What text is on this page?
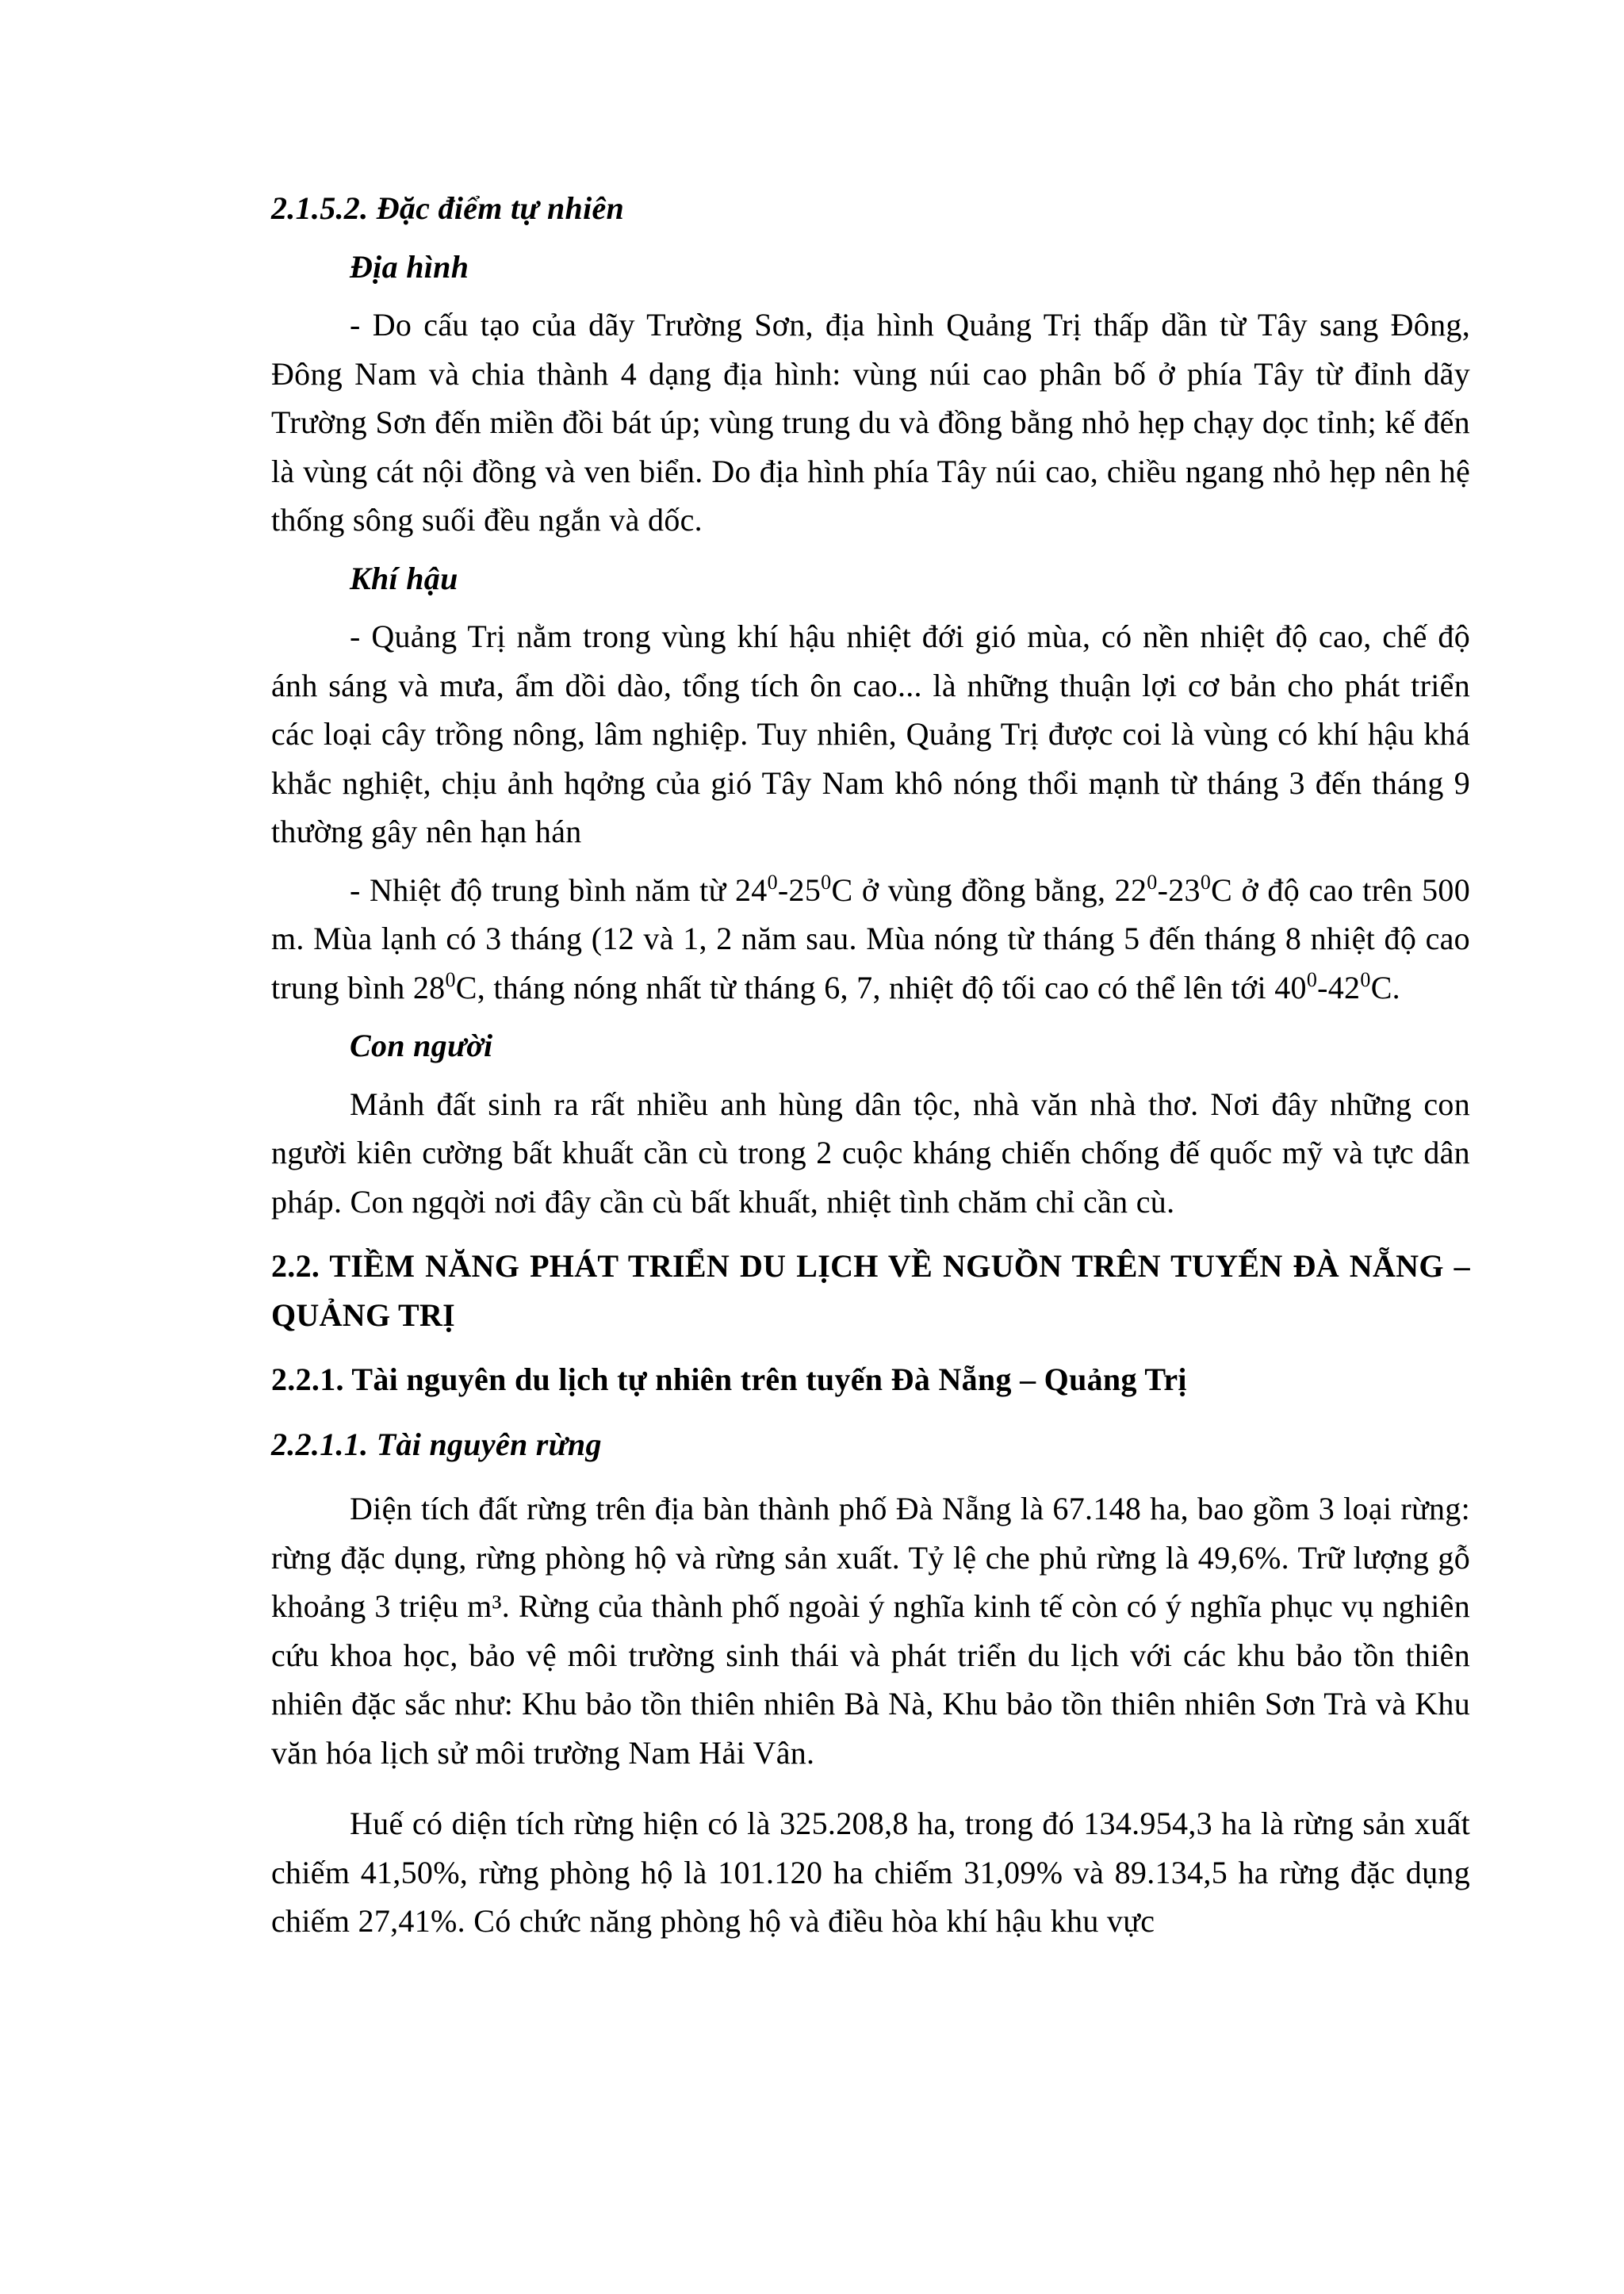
2.1.5.2. Đặc điểm tự nhiên

Địa hình

- Do cấu tạo của dãy Trường Sơn, địa hình Quảng Trị thấp dần từ Tây sang Đông, Đông Nam và chia thành 4 dạng địa hình: vùng núi cao phân bố ở phía Tây từ đỉnh dãy Trường Sơn đến miền đồi bát úp; vùng trung du và đồng bằng nhỏ hẹp chạy dọc tỉnh; kế đến là vùng cát nội đồng và ven biển. Do địa hình phía Tây núi cao, chiều ngang nhỏ hẹp nên hệ thống sông suối đều ngắn và dốc.

Khí hậu

- Quảng Trị nằm trong vùng khí hậu nhiệt đới gió mùa, có nền nhiệt độ cao, chế độ ánh sáng và mưa, ẩm dồi dào, tổng tích ôn cao... là những thuận lợi cơ bản cho phát triển các loại cây trồng nông, lâm nghiệp. Tuy nhiên, Quảng Trị được coi là vùng có khí hậu khá khắc nghiệt, chịu ảnh hqởng của gió Tây Nam khô nóng thổi mạnh từ tháng 3 đến tháng 9 thường gây nên hạn hán

- Nhiệt độ trung bình năm từ $24^0-25^0C$ ở vùng đồng bằng, $22^0-23^0C$ ở độ cao trên 500 m. Mùa lạnh có 3 tháng (12 và 1, 2 năm sau. Mùa nóng từ tháng 5 đến tháng 8 nhiệt độ cao trung bình $28^0C$, tháng nóng nhất từ tháng 6, 7, nhiệt độ tối cao có thể lên tới $40^0-42^0C$.

Con người

Mảnh đất sinh ra rất nhiều anh hùng dân tộc, nhà văn nhà thơ. Nơi đây những con người kiên cường bất khuất cần cù trong 2 cuộc kháng chiến chống đế quốc mỹ và tực dân pháp. Con ngqời nơi đây cần cù bất khuất, nhiệt tình chăm chỉ cần cù.

2.2. TIỀM NĂNG PHÁT TRIỂN DU LỊCH VỀ NGUỒN TRÊN TUYẾN ĐÀ NẴNG – QUẢNG TRỊ

2.2.1. Tài nguyên du lịch tự nhiên trên tuyến Đà Nẵng – Quảng Trị

2.2.1.1. Tài nguyên rừng

Diện tích đất rừng trên địa bàn thành phố Đà Nẵng là 67.148 ha, bao gồm 3 loại rừng: rừng đặc dụng, rừng phòng hộ và rừng sản xuất. Tỷ lệ che phủ rừng là 49,6%. Trữ lượng gỗ khoảng 3 triệu m³. Rừng của thành phố ngoài ý nghĩa kinh tế còn có ý nghĩa phục vụ nghiên cứu khoa học, bảo vệ môi trường sinh thái và phát triển du lịch với các khu bảo tồn thiên nhiên đặc sắc như: Khu bảo tồn thiên nhiên Bà Nà, Khu bảo tồn thiên nhiên Sơn Trà và Khu văn hóa lịch sử môi trường Nam Hải Vân.

Huế có diện tích rừng hiện có là 325.208,8 ha, trong đó 134.954,3 ha là rừng sản xuất chiếm 41,50%, rừng phòng hộ là 101.120 ha chiếm 31,09% và 89.134,5 ha rừng đặc dụng chiếm 27,41%. Có chức năng phòng hộ và điều hòa khí hậu khu vực
